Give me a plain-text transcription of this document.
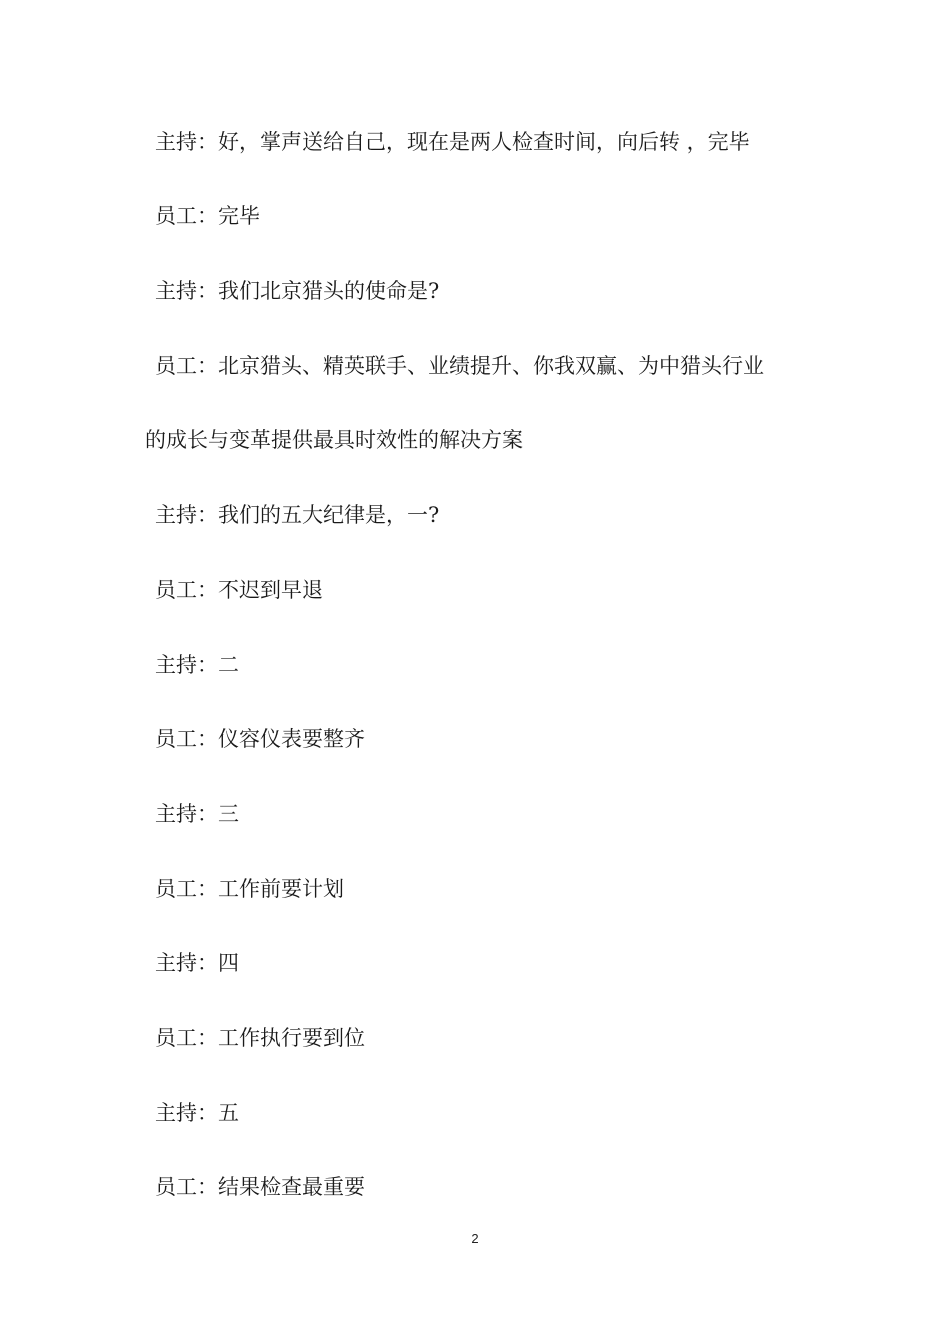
主持：好，掌声送给自己，现在是两人检查时间，向后转 ，完毕
员工：完毕
主持：我们北京猎头的使命是?
员工：北京猎头、精英联手、业绩提升、你我双赢、为中猎头行业
的成长与变革提供最具时效性的解决方案
主持：我们的五大纪律是，一?
员工：不迟到早退
主持：二
员工：仪容仪表要整齐
主持：三
员工：工作前要计划
主持：四
员工：工作执行要到位
主持：五
员工：结果检查最重要
2
